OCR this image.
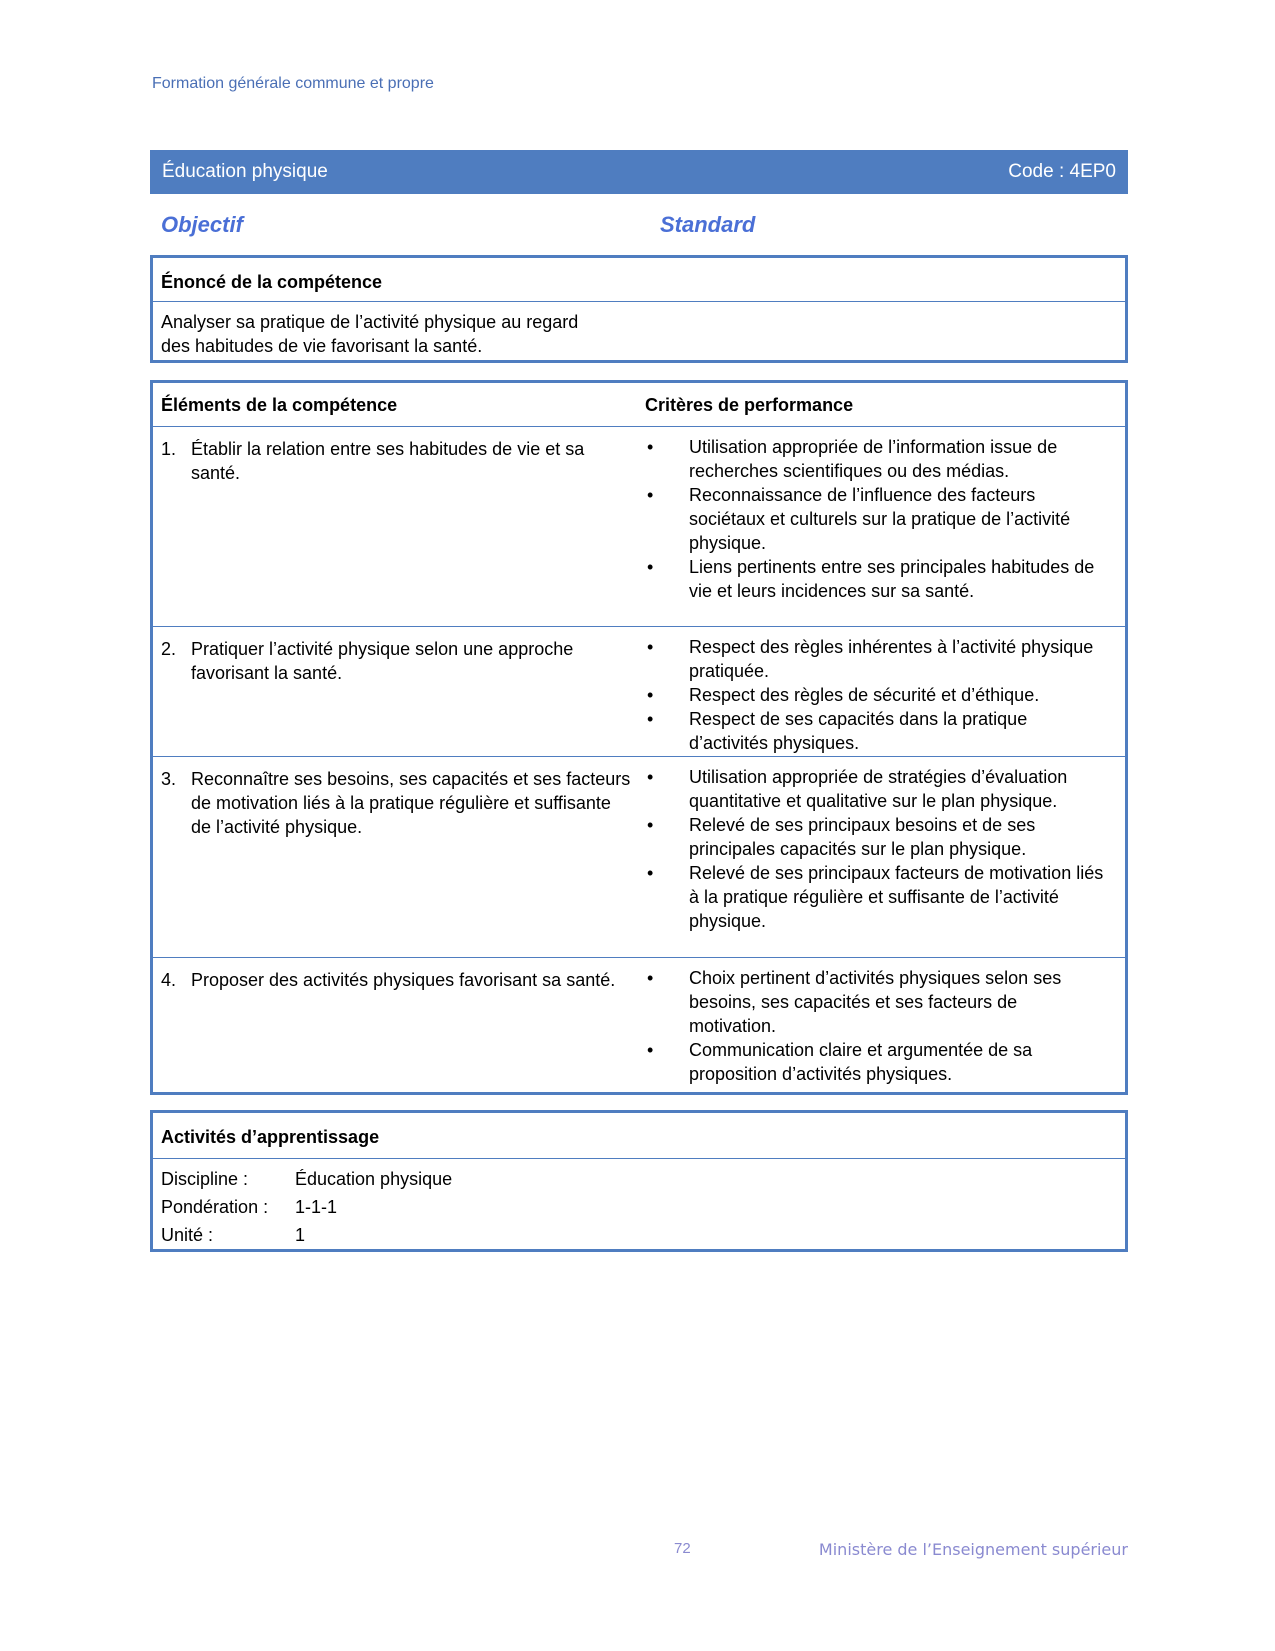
Formation générale commune et propre
Éducation physique	Code : 4EP0
Objectif	Standard
Énoncé de la compétence
Analyser sa pratique de l’activité physique au regard des habitudes de vie favorisant la santé.
Éléments de la compétence	Critères de performance
1. Établir la relation entre ses habitudes de vie et sa santé.
• Utilisation appropriée de l’information issue de recherches scientifiques ou des médias.
• Reconnaissance de l’influence des facteurs sociétaux et culturels sur la pratique de l’activité physique.
• Liens pertinents entre ses principales habitudes de vie et leurs incidences sur sa santé.
2. Pratiquer l’activité physique selon une approche favorisant la santé.
• Respect des règles inhérentes à l’activité physique pratiquée.
• Respect des règles de sécurité et d’éthique.
• Respect de ses capacités dans la pratique d’activités physiques.
3. Reconnaître ses besoins, ses capacités et ses facteurs de motivation liés à la pratique régulière et suffisante de l’activité physique.
• Utilisation appropriée de stratégies d’évaluation quantitative et qualitative sur le plan physique.
• Relevé de ses principaux besoins et de ses principales capacités sur le plan physique.
• Relevé de ses principaux facteurs de motivation liés à la pratique régulière et suffisante de l’activité physique.
4. Proposer des activités physiques favorisant sa santé.	• Choix pertinent d’activités physiques selon ses besoins, ses capacités et ses facteurs de motivation.
• Communication claire et argumentée de sa proposition d’activités physiques.
Activités d’apprentissage
Discipline :	Éducation physique
Pondération : 1-1-1
Unité :	1
72	Ministère de l’Enseignement supérieur
